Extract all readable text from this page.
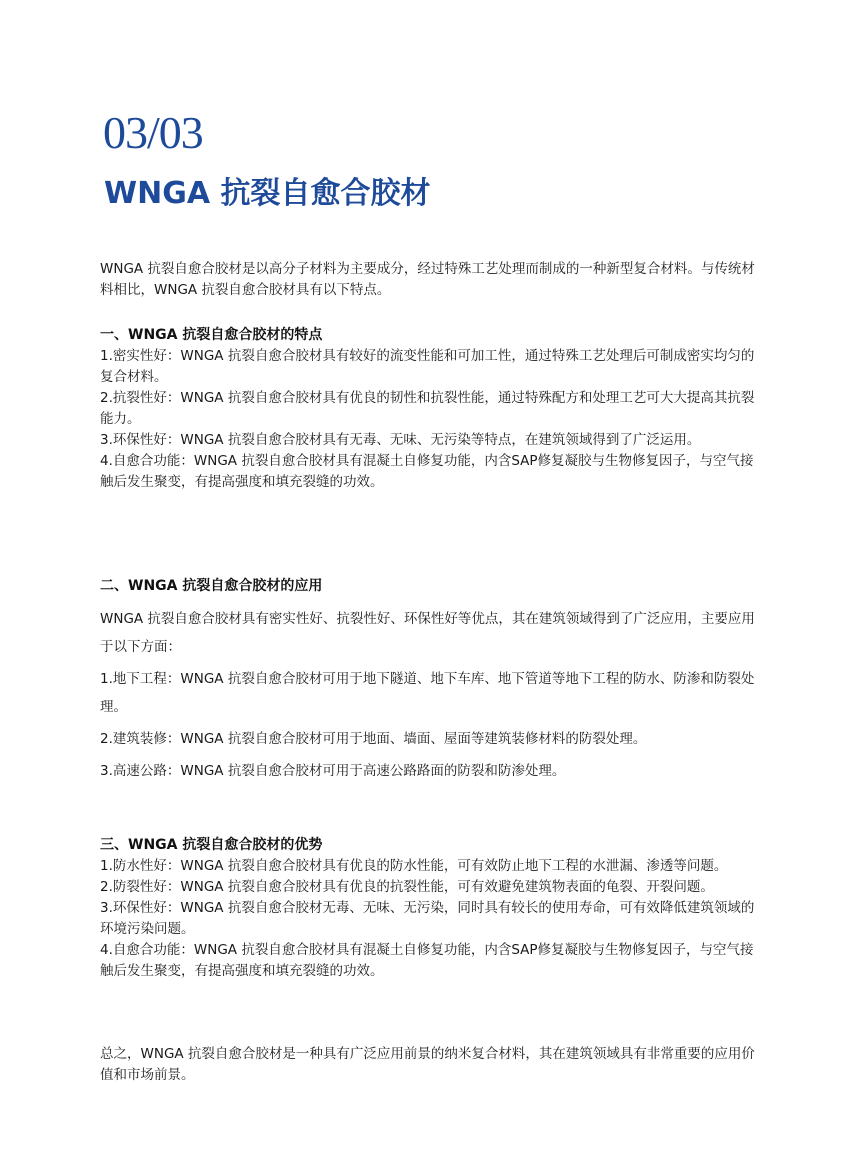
03/03
WNGA 抗裂自愈合胶材

WNGA 抗裂自愈合胶材是以高分子材料为主要成分，经过特殊工艺处理而制成的一种新型复合材料。与传统材料相比，WNGA 抗裂自愈合胶材具有以下特点。

一、WNGA 抗裂自愈合胶材的特点

1.密实性好：WNGA 抗裂自愈合胶材具有较好的流变性能和可加工性，通过特殊工艺处理后可制成密实均匀的复合材料。

2.抗裂性好：WNGA 抗裂自愈合胶材具有优良的韧性和抗裂性能，通过特殊配方和处理工艺可大大提高其抗裂能力。

3.环保性好：WNGA 抗裂自愈合胶材具有无毒、无味、无污染等特点，在建筑领域得到了广泛运用。

4.自愈合功能：WNGA 抗裂自愈合胶材具有混凝土自修复功能，内含SAP修复凝胶与生物修复因子，与空气接触后发生聚变，有提高强度和填充裂缝的功效。

二、WNGA 抗裂自愈合胶材的应用

WNGA 抗裂自愈合胶材具有密实性好、抗裂性好、环保性好等优点，其在建筑领域得到了广泛应用，主要应用于以下方面：

1.地下工程：WNGA 抗裂自愈合胶材可用于地下隧道、地下车库、地下管道等地下工程的防水、防渗和防裂处理。

2.建筑装修：WNGA 抗裂自愈合胶材可用于地面、墙面、屋面等建筑装修材料的防裂处理。

3.高速公路：WNGA 抗裂自愈合胶材可用于高速公路路面的防裂和防渗处理。

三、WNGA 抗裂自愈合胶材的优势

1.防水性好：WNGA 抗裂自愈合胶材具有优良的防水性能，可有效防止地下工程的水泄漏、渗透等问题。

2.防裂性好：WNGA 抗裂自愈合胶材具有优良的抗裂性能，可有效避免建筑物表面的龟裂、开裂问题。

3.环保性好：WNGA 抗裂自愈合胶材无毒、无味、无污染，同时具有较长的使用寿命，可有效降低建筑领域的环境污染问题。

4.自愈合功能：WNGA 抗裂自愈合胶材具有混凝土自修复功能，内含SAP修复凝胶与生物修复因子，与空气接触后发生聚变，有提高强度和填充裂缝的功效。

总之，WNGA 抗裂自愈合胶材是一种具有广泛应用前景的纳米复合材料，其在建筑领域具有非常重要的应用价值和市场前景。
